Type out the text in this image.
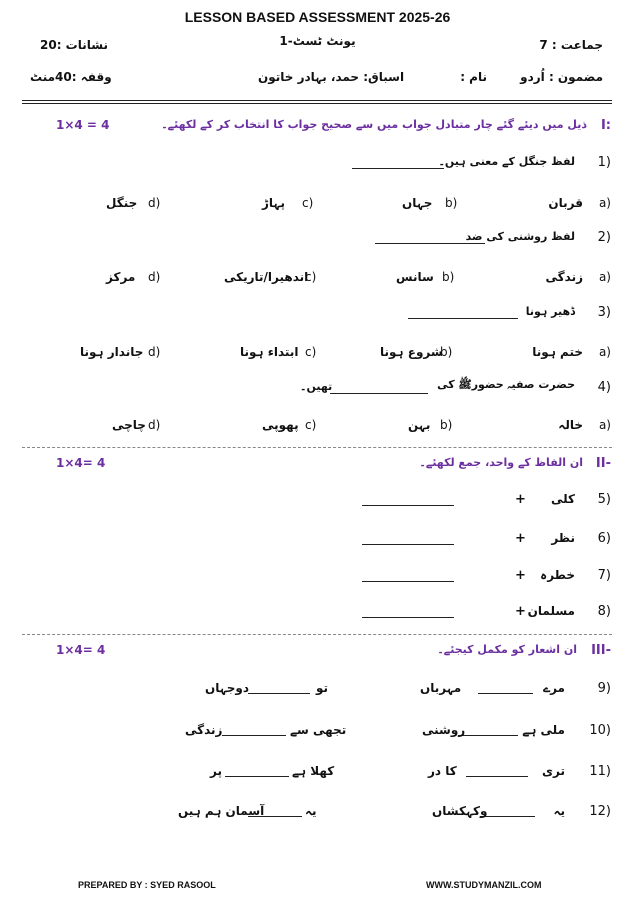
LESSON BASED ASSESSMENT 2025-26
یونٹ ٹسٹ-1	جماعت : 7
نشانات :20
مضمون : اُردو
نام :
اسباق: حمد، بہادر خاتون
وقفہ :40منٹ
I:
ذیل میں دیئے گئے چار متبادل جواب میں سے صحیح جواب کا انتخاب کر کے لکھئے۔
1×4 = 4
1)
لفظ جنگل کے معنی ہیں۔
a)
قربان
b)
جہاں
c)
پہاڑ
d)
جنگل
2)
لفظ روشنی کی ضد
a)
زندگی
b)
سانس
c)
اندھیرا/تاریکی
d)
مرکز
3)
ڈھیر ہونا
a)
ختم ہونا
b)
شروع ہونا
c)
ابتداء ہونا
d)
جاندار ہونا
4)
حضرت صفیہ حضورﷺ کی
تھیں۔
a)
خالہ
b)
بہن
c)
پھوپی
d)
چاچی
II-
ان الفاظ کے واحد، جمع لکھئے۔
1×4= 4
5)
کلی
+
6)
نظر
+
7)
خطرہ
+
8)
مسلمان
+
III-
ان اشعار کو مکمل کیجئے۔
1×4= 4
9)
مرے
مہرباں
تو
دوجہاں
10)
ملی ہے
روشنی
تجھی سے
زندگی
11)
تری
کا در
کھلا ہے
پر
12)
یہ
وکہکشاں
یہ
آسمان ہم ہیں
PREPARED BY : SYED RASOOL	WWW.STUDYMANZIL.COM
